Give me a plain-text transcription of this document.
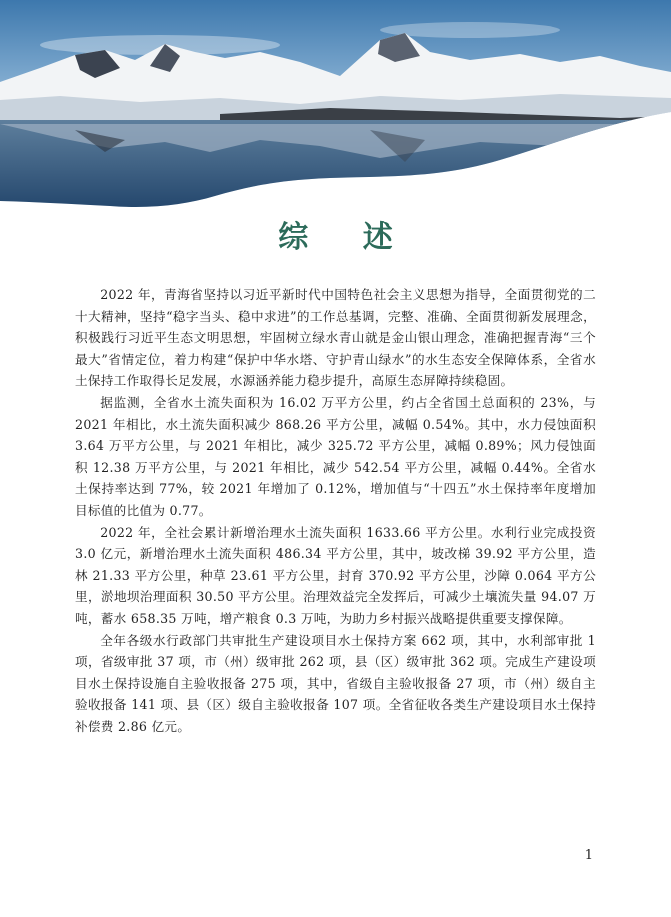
综 述

2022 年，青海省坚持以习近平新时代中国特色社会主义思想为指导，全面贯彻党的二十大精神，坚持“稳字当头、稳中求进”的工作总基调，完整、准确、全面贯彻新发展理念，积极践行习近平生态文明思想，牢固树立绿水青山就是金山银山理念，准确把握青海“三个最大”省情定位，着力构建“保护中华水塔、守护青山绿水”的水生态安全保障体系，全省水土保持工作取得长足发展，水源涵养能力稳步提升，高原生态屏障持续稳固。

据监测，全省水土流失面积为 16.02 万平方公里，约占全省国土总面积的 23%，与 2021 年相比，水土流失面积减少 868.26 平方公里，减幅 0.54%。其中，水力侵蚀面积 3.64 万平方公里，与 2021 年相比，减少 325.72 平方公里，减幅 0.89%；风力侵蚀面积 12.38 万平方公里，与 2021 年相比，减少 542.54 平方公里，减幅 0.44%。全省水土保持率达到 77%，较 2021 年增加了 0.12%，增加值与“十四五”水土保持率年度增加目标值的比值为 0.77。

2022 年，全社会累计新增治理水土流失面积 1633.66 平方公里。水利行业完成投资 3.0 亿元，新增治理水土流失面积 486.34 平方公里，其中，坡改梯 39.92 平方公里，造林 21.33 平方公里，种草 23.61 平方公里，封育 370.92 平方公里，沙障 0.064 平方公里，淤地坝治理面积 30.50 平方公里。治理效益完全发挥后，可减少土壤流失量 94.07 万吨，蓄水 658.35 万吨，增产粮食 0.3 万吨，为助力乡村振兴战略提供重要支撑保障。

全年各级水行政部门共审批生产建设项目水土保持方案 662 项，其中，水利部审批 1 项，省级审批 37 项，市（州）级审批 262 项，县（区）级审批 362 项。完成生产建设项目水土保持设施自主验收报备 275 项，其中，省级自主验收报备 27 项，市（州）级自主验收报备 141 项、县（区）级自主验收报备 107 项。全省征收各类生产建设项目水土保持补偿费 2.86 亿元。

1
